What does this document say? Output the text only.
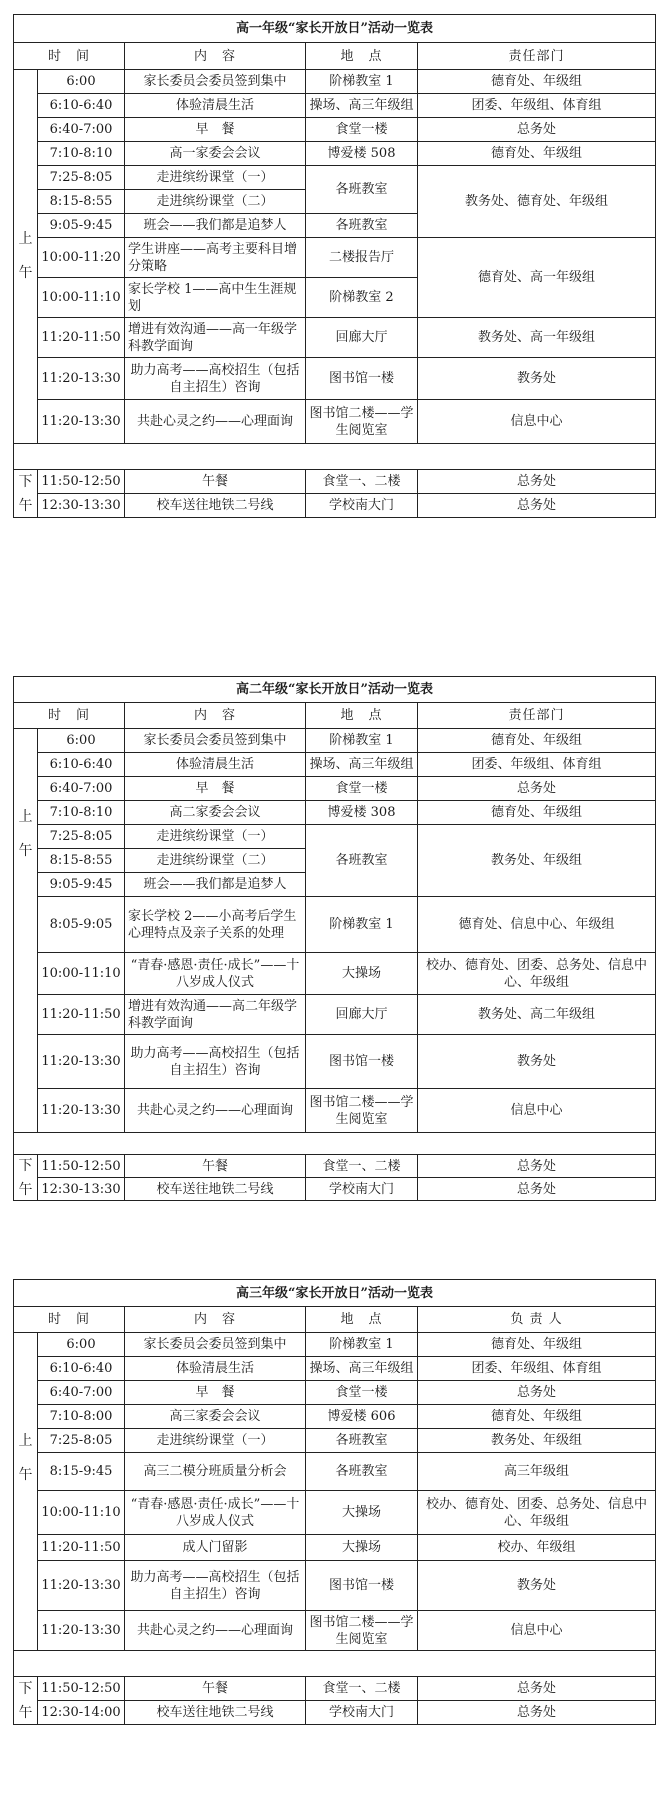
高一年级“家长开放日”活动一览表				
时　间		内　容	地　点	责任部门
上

午	6:00	家长委员会委员签到集中	阶梯教室 1	德育处、年级组
	6:10-6:40	体验清晨生活	操场、高三年级组	团委、年级组、体育组
	6:40-7:00	早　餐	食堂一楼	总务处
	7:10-8:10	高一家委会会议	博爱楼 508	德育处、年级组
	7:25-8:05	走进缤纷课堂（一）	各班教室	教务处、德育处、年级组
	8:15-8:55	走进缤纷课堂（二）		
	9:05-9:45	班会——我们都是追梦人	各班教室	
	10:00-11:20	学生讲座——高考主要科目增分策略	二楼报告厅	德育处、高一年级组
	10:00-11:10	家长学校 1——高中生生涯规划	阶梯教室 2	
	11:20-11:50	增进有效沟通——高一年级学科教学面询	回廊大厅	教务处、高一年级组
	11:20-13:30	助力高考——高校招生（包括自主招生）咨询	图书馆一楼	教务处
	11:20-13:30	共赴心灵之约——心理面询	图书馆二楼——学生阅览室	信息中心

下

午	11:50-12:50	午餐	食堂一、二楼	总务处
	12:30-13:30	校车送往地铁二号线	学校南大门	总务处
高二年级“家长开放日”活动一览表				
时　间		内　容	地　点	责任部门
上

午	6:00	家长委员会委员签到集中	阶梯教室 1	德育处、年级组
	6:10-6:40	体验清晨生活	操场、高三年级组	团委、年级组、体育组
	6:40-7:00	早　餐	食堂一楼	总务处
	7:10-8:10	高二家委会会议	博爱楼 308	德育处、年级组
	7:25-8:05	走进缤纷课堂（一）	各班教室	教务处、年级组
	8:15-8:55	走进缤纷课堂（二）		
	9:05-9:45	班会——我们都是追梦人		
	8:05-9:05	家长学校 2——小高考后学生心理特点及亲子关系的处理	阶梯教室 1	德育处、信息中心、年级组
	10:00-11:10	“青春·感恩·责任·成长”——十八岁成人仪式	大操场	校办、德育处、团委、总务处、信息中心、年级组
	11:20-11:50	增进有效沟通——高二年级学科教学面询	回廊大厅	教务处、高二年级组
	11:20-13:30	助力高考——高校招生（包括自主招生）咨询	图书馆一楼	教务处
	11:20-13:30	共赴心灵之约——心理面询	图书馆二楼——学生阅览室	信息中心

下

午	11:50-12:50	午餐	食堂一、二楼	总务处
	12:30-13:30	校车送往地铁二号线	学校南大门	总务处
高三年级“家长开放日”活动一览表				
时　间		内　容	地　点	负 责 人
上

午	6:00	家长委员会委员签到集中	阶梯教室 1	德育处、年级组
	6:10-6:40	体验清晨生活	操场、高三年级组	团委、年级组、体育组
	6:40-7:00	早　餐	食堂一楼	总务处
	7:10-8:00	高三家委会会议	博爱楼 606	德育处、年级组
	7:25-8:05	走进缤纷课堂（一）	各班教室	教务处、年级组
	8:15-9:45	高三二模分班质量分析会	各班教室	高三年级组
	10:00-11:10	“青春·感恩·责任·成长”——十八岁成人仪式	大操场	校办、德育处、团委、总务处、信息中心、年级组
	11:20-11:50	成人门留影	大操场	校办、年级组
	11:20-13:30	助力高考——高校招生（包括自主招生）咨询	图书馆一楼	教务处
	11:20-13:30	共赴心灵之约——心理面询	图书馆二楼——学生阅览室	信息中心

下

午	11:50-12:50	午餐	食堂一、二楼	总务处
	12:30-14:00	校车送往地铁二号线	学校南大门	总务处
